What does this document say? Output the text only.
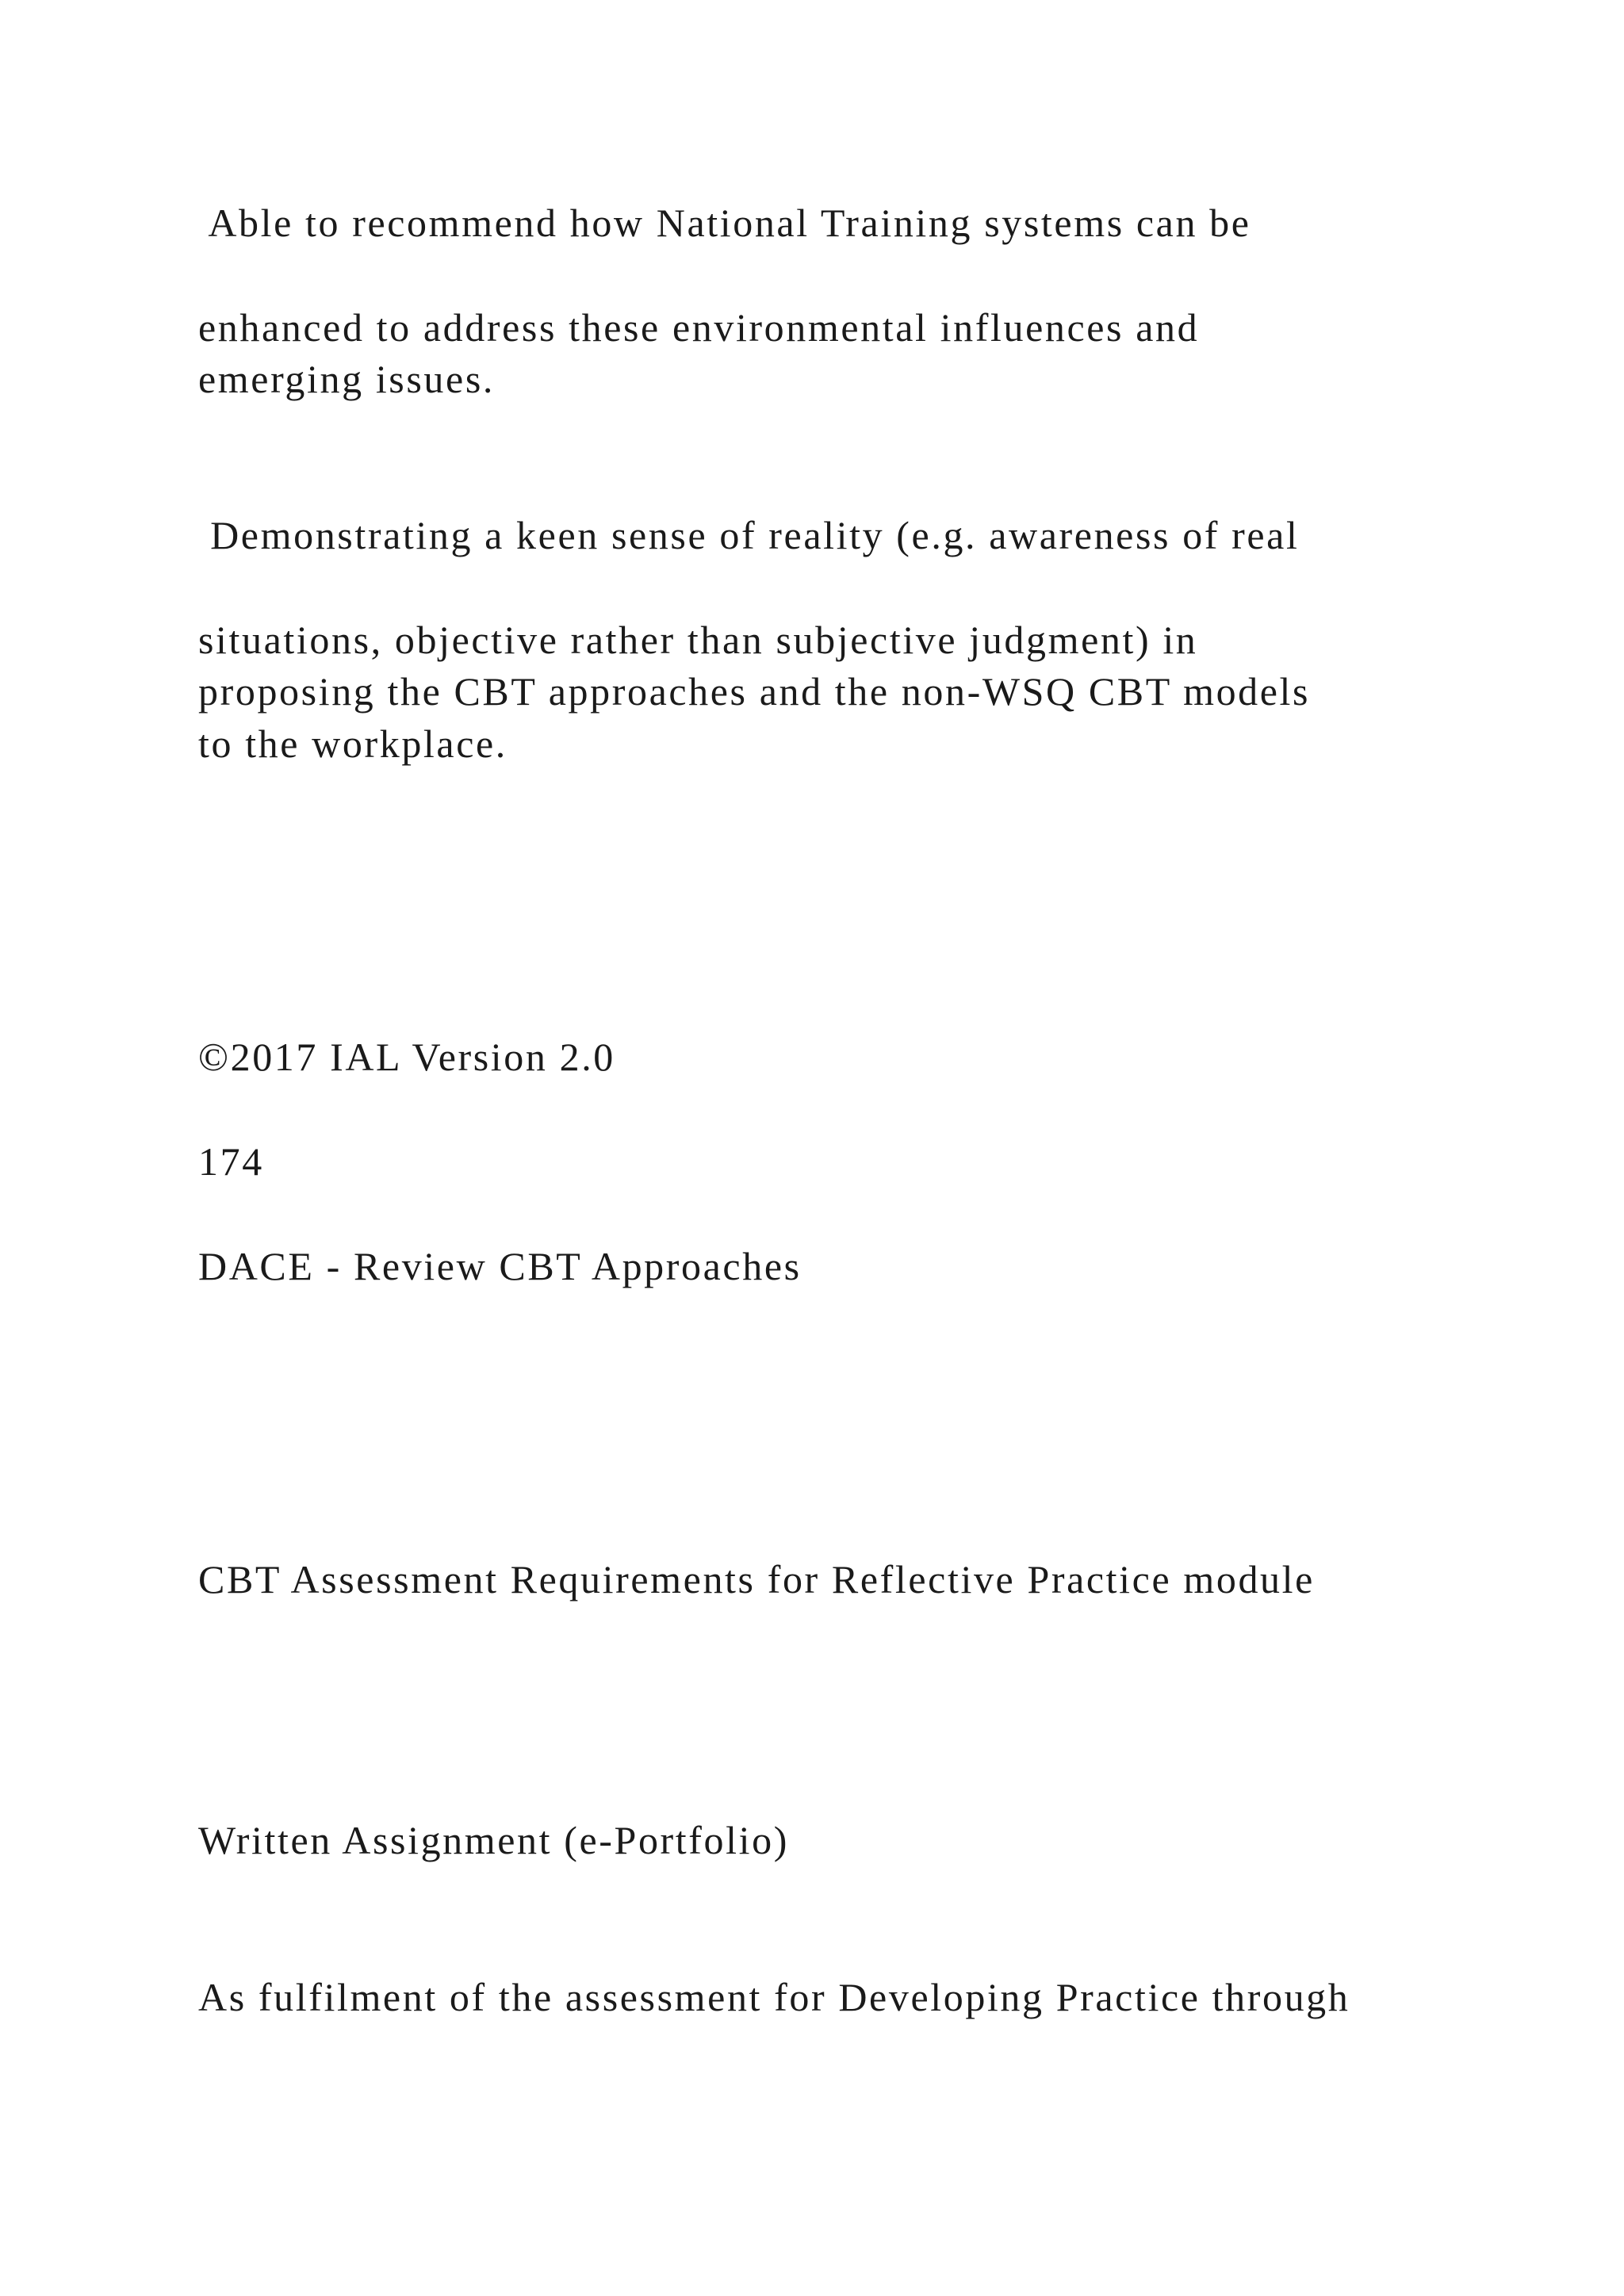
Able to recommend how National Training systems can be

enhanced to address these environmental influences and

emerging issues.

Demonstrating a keen sense of reality (e.g. awareness of real

situations, objective rather than subjective judgment) in

proposing the CBT approaches and the non-WSQ CBT models

to the workplace.

©2017 IAL Version 2.0

174

DACE - Review CBT Approaches

CBT Assessment Requirements for Reflective Practice module

Written Assignment (e-Portfolio)

As fulfilment of the assessment for Developing Practice through
